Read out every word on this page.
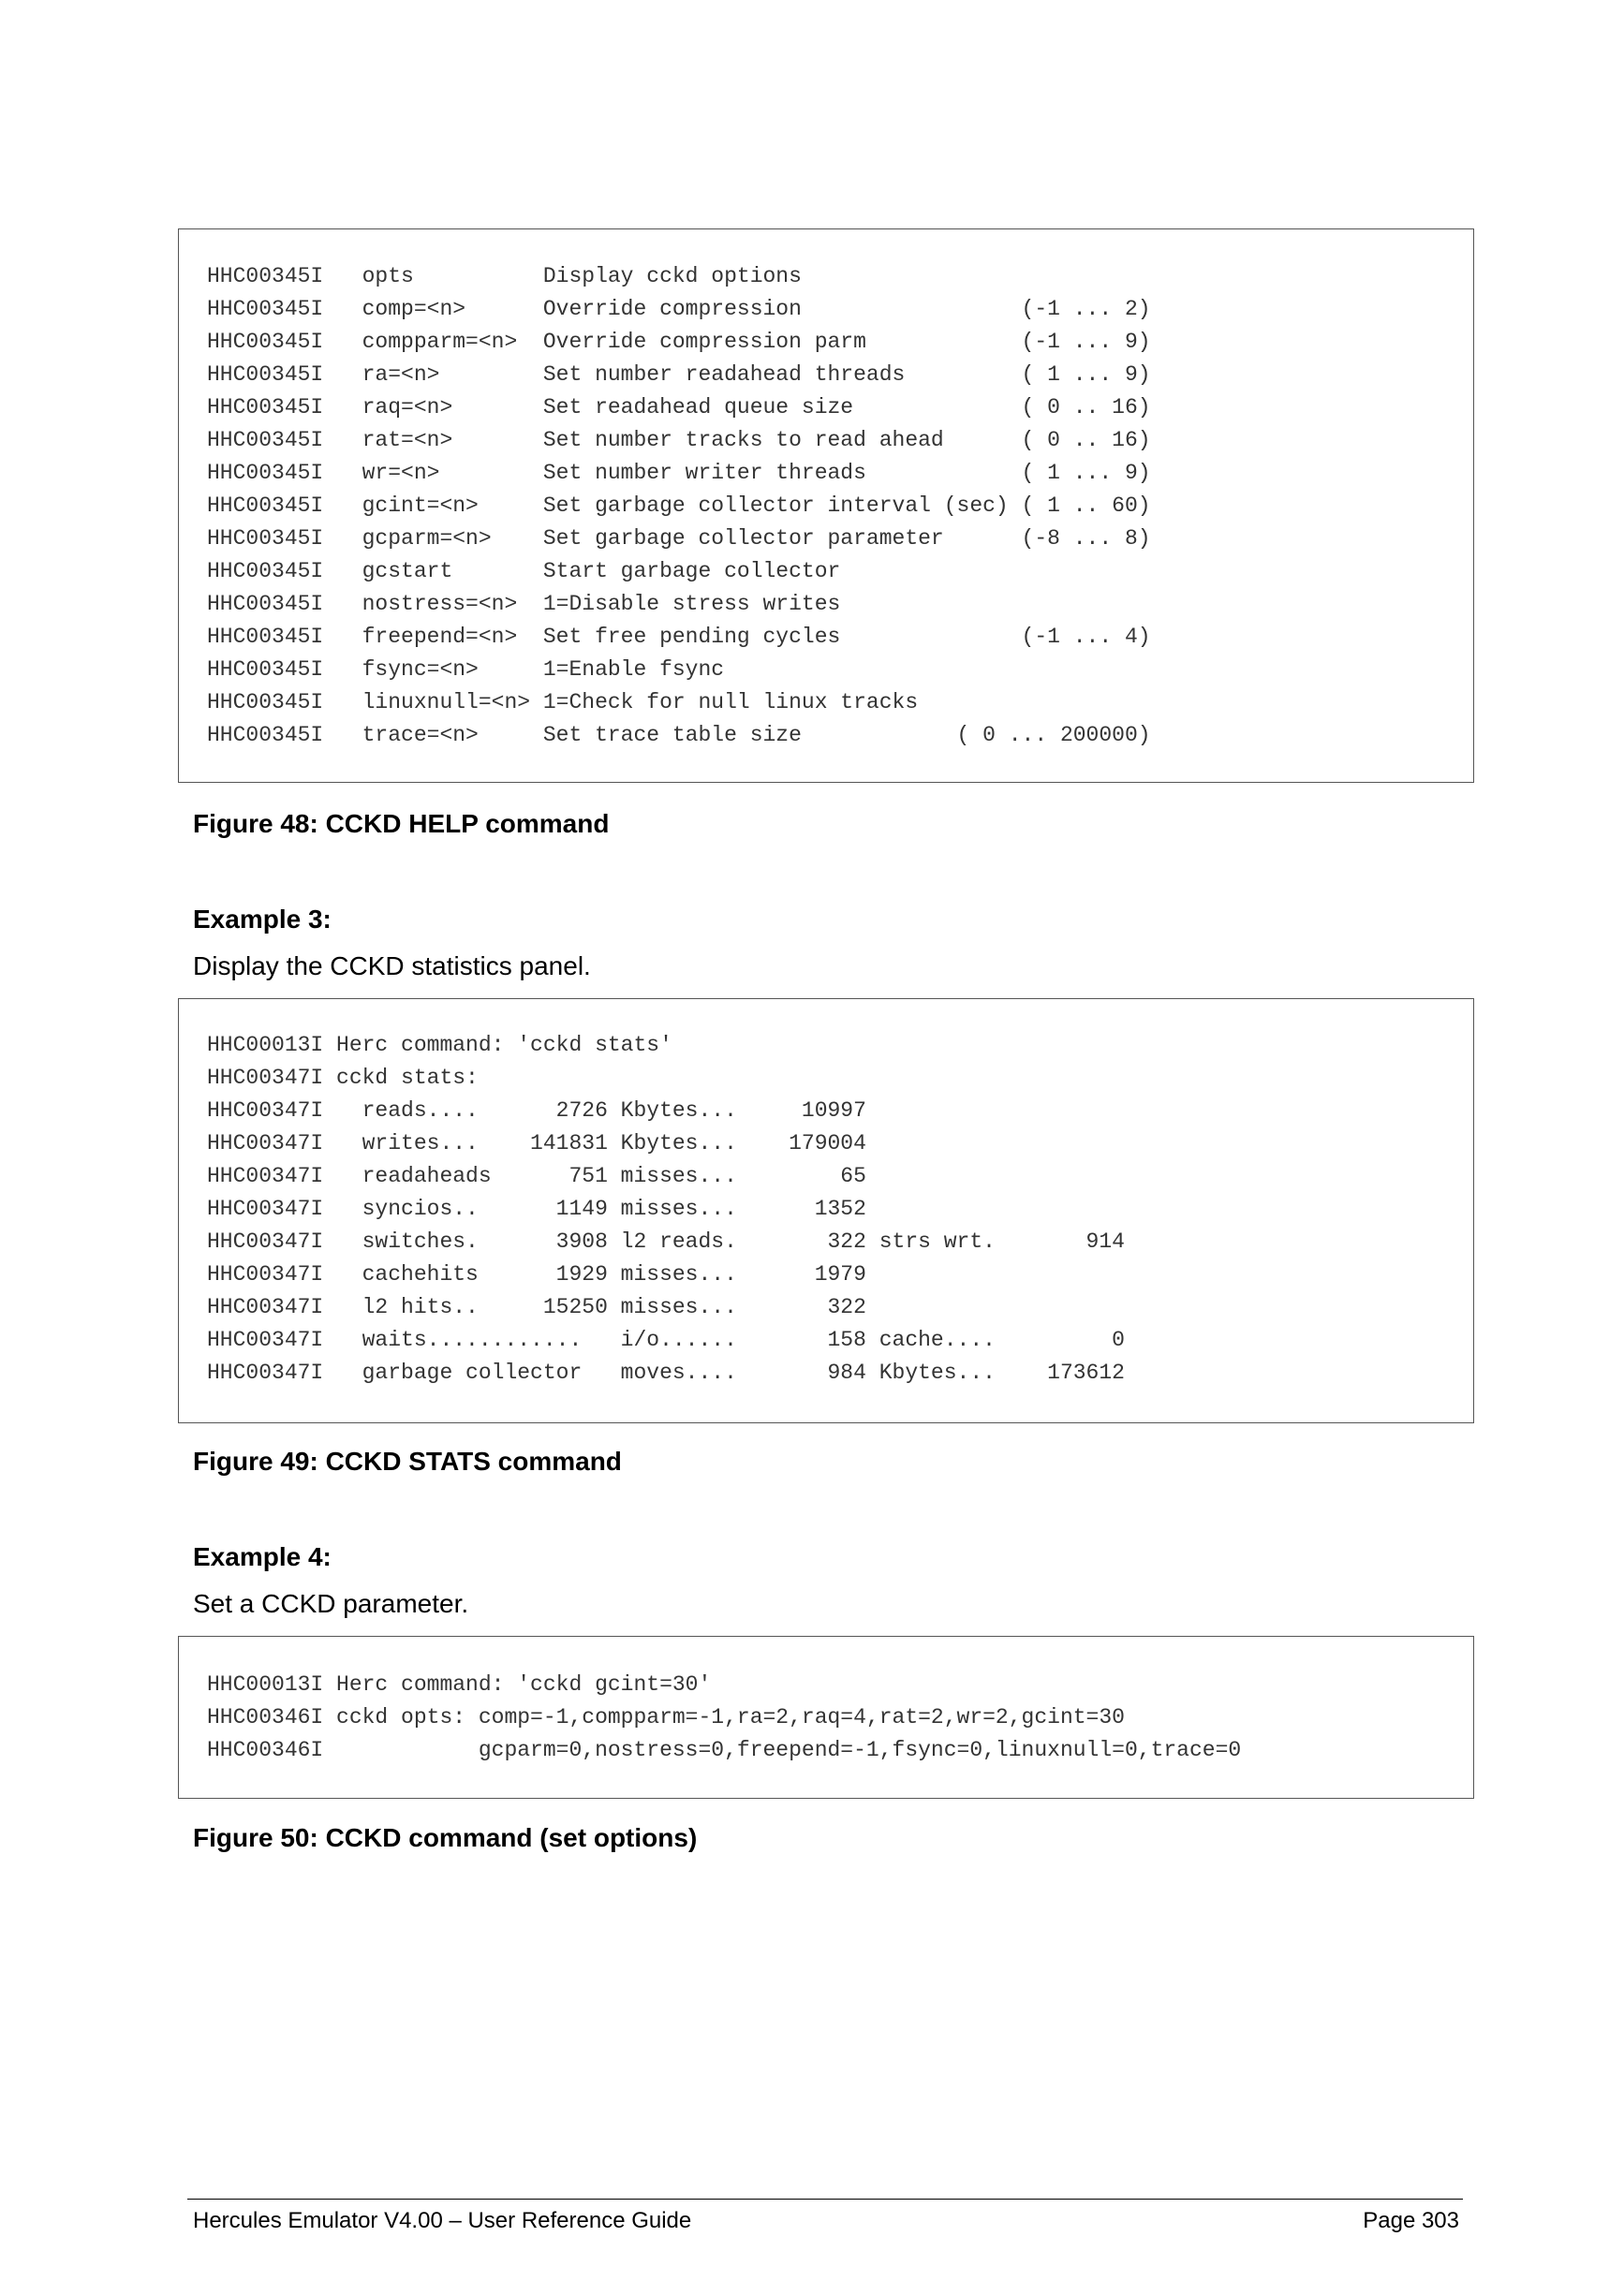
HHC00345I   opts          Display cckd options
HHC00345I   comp=<n>      Override compression                 (-1 ... 2)
HHC00345I   compparm=<n>  Override compression parm            (-1 ... 9)
HHC00345I   ra=<n>        Set number readahead threads         ( 1 ... 9)
HHC00345I   raq=<n>       Set readahead queue size             ( 0 .. 16)
HHC00345I   rat=<n>       Set number tracks to read ahead      ( 0 .. 16)
HHC00345I   wr=<n>        Set number writer threads            ( 1 ... 9)
HHC00345I   gcint=<n>     Set garbage collector interval (sec) ( 1 .. 60)
HHC00345I   gcparm=<n>    Set garbage collector parameter      (-8 ... 8)
HHC00345I   gcstart       Start garbage collector
HHC00345I   nostress=<n>  1=Disable stress writes
HHC00345I   freepend=<n>  Set free pending cycles              (-1 ... 4)
HHC00345I   fsync=<n>     1=Enable fsync
HHC00345I   linuxnull=<n> 1=Check for null linux tracks
HHC00345I   trace=<n>     Set trace table size            ( 0 ... 200000)

Figure 48: CCKD HELP command

Example 3:

Display the CCKD statistics panel.

HHC00013I Herc command: 'cckd stats'
HHC00347I cckd stats:
HHC00347I   reads....      2726 Kbytes...     10997
HHC00347I   writes...    141831 Kbytes...    179004
HHC00347I   readaheads      751 misses...        65
HHC00347I   syncios..      1149 misses...      1352
HHC00347I   switches.      3908 l2 reads.       322 strs wrt.       914
HHC00347I   cachehits      1929 misses...      1979
HHC00347I   l2 hits..     15250 misses...       322
HHC00347I   waits............   i/o......       158 cache....         0
HHC00347I   garbage collector   moves....       984 Kbytes...    173612

Figure 49: CCKD STATS command

Example 4:

Set a CCKD parameter.

HHC00013I Herc command: 'cckd gcint=30'
HHC00346I cckd opts: comp=-1,compparm=-1,ra=2,raq=4,rat=2,wr=2,gcint=30
HHC00346I            gcparm=0,nostress=0,freepend=-1,fsync=0,linuxnull=0,trace=0

Figure 50: CCKD command (set options)

Hercules Emulator V4.00 – User Reference Guide	Page 303
